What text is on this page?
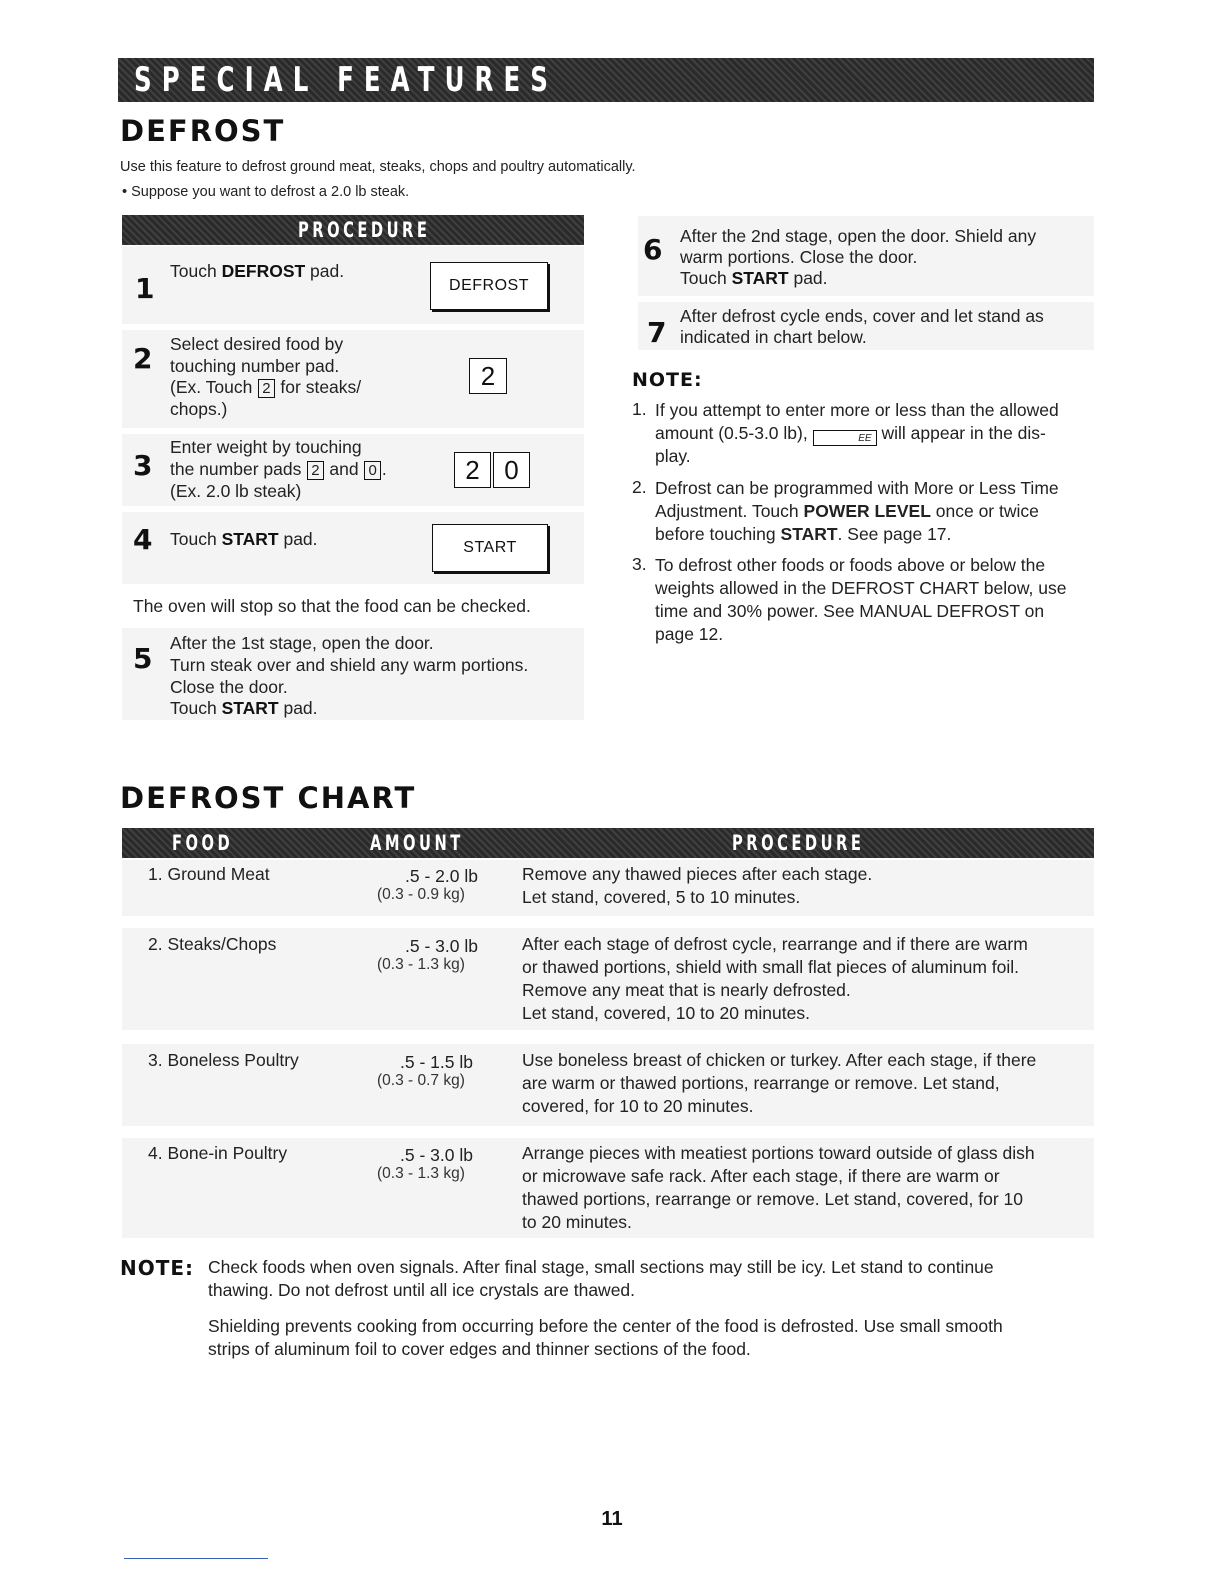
SPECIAL FEATURES
DEFROST
Use this feature to defrost ground meat, steaks, chops and poultry automatically.
• Suppose you want to defrost a 2.0 lb steak.
PROCEDURE
1
Touch DEFROST pad.
DEFROST
2 Select desired food by
touching number pad.
(Ex. Touch 2 for steaks/
chops.)
2
3
Enter weight by touching
the number pads 2 and 0 .
(Ex. 2.0 lb steak)
2 0
4 Touch START pad.	START
The oven will stop so that the food can be checked.
5 After the 1st stage, open the door.
Turn steak over and shield any warm portions.
Close the door.
Touch START pad.
6 After the 2nd stage, open the door. Shield any
warm portions. Close the door.
Touch START pad.
7 After defrost cycle ends, cover and let stand as
indicated in chart below.
NOTE:
1. If you attempt to enter more or less than the allowed
amount (0.5-3.0 lb),	EE will appear in the dis-
play.
2. Defrost can be programmed with More or Less Time
Adjustment. Touch POWER LEVEL once or twice
before touching START. See page 17.
3. To defrost other foods or foods above or below the
weights allowed in the DEFROST CHART below, use
time and 30% power. See MANUAL DEFROST on
page 12.
DEFROST CHART
FOOD	AMOUNT	PROCEDURE
1. Ground Meat	.5 - 2.0 lb
(0.3 - 0.9 kg)
Remove any thawed pieces after each stage.
Let stand, covered, 5 to 10 minutes.
2. Steaks/Chops	.5 - 3.0 lb
(0.3 - 1.3 kg)
After each stage of defrost cycle, rearrange and if there are warm
or thawed portions, shield with small flat pieces of aluminum foil.
Remove any meat that is nearly defrosted.
Let stand, covered, 10 to 20 minutes.
3. Boneless Poultry	.5 - 1.5 lb
(0.3 - 0.7 kg)
Use boneless breast of chicken or turkey. After each stage, if there
are warm or thawed portions, rearrange or remove. Let stand,
covered, for 10 to 20 minutes.
4. Bone-in Poultry	.5 - 3.0 lb
(0.3 - 1.3 kg)
Arrange pieces with meatiest portions toward outside of glass dish
or microwave safe rack. After each stage, if there are warm or
thawed portions, rearrange or remove. Let stand, covered, for 10
to 20 minutes.
NOTE: Check foods when oven signals. After final stage, small sections may still be icy. Let stand to continue
thawing. Do not defrost until all ice crystals are thawed.
Shielding prevents cooking from occurring before the center of the food is defrosted. Use small smooth
strips of aluminum foil to cover edges and thinner sections of the food.
11
